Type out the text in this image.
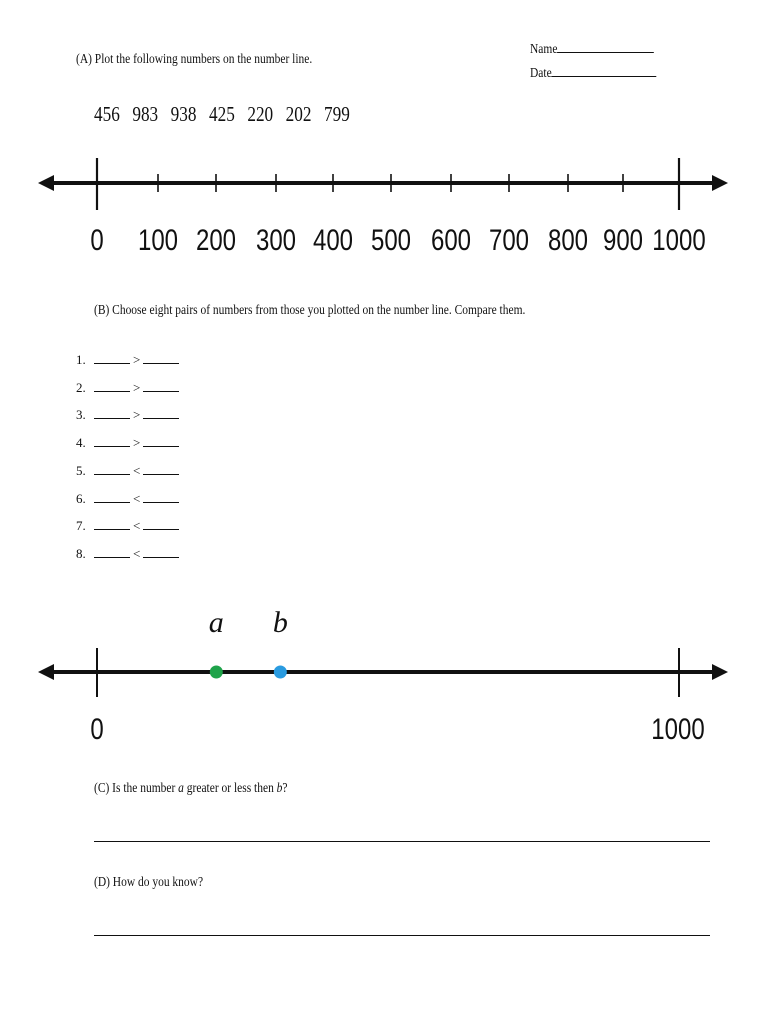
Name
Date
(A) Plot the following numbers on the number line.
456 983 938 425 220 202 799
0 100 200 300 400 500 600 700 800 900 1000
(B) Choose eight pairs of numbers from those you plotted on the number line. Compare them.
1.	>
2.	>
3.	>
4.	>
5.	<
6.	<
7.	<
8.	<
a b
0	1000
(C) Is the number a greater or less then b?
(D) How do you know?
